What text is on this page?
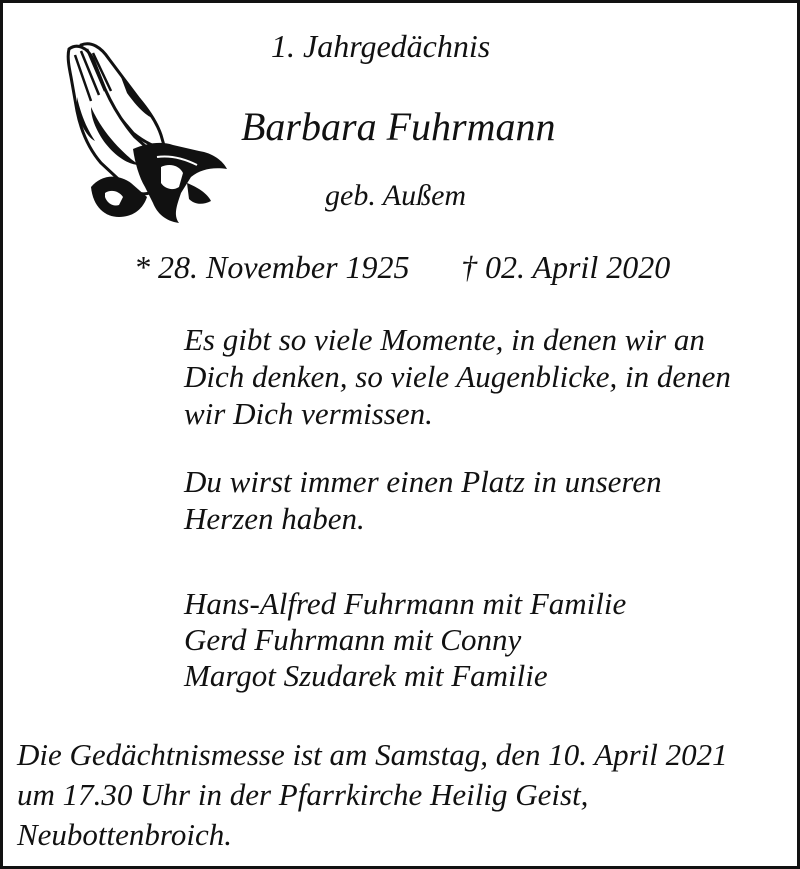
1. Jahrgedächnis
Barbara Fuhrmann
geb. Außem
* 28. November 1925 † 02. April 2020
Es gibt so viele Momente, in denen wir an
Dich denken, so viele Augenblicke, in denen
wir Dich vermissen.
Du wirst immer einen Platz in unseren
Herzen haben.
Hans-Alfred Fuhrmann mit Familie
Gerd Fuhrmann mit Conny
Margot Szudarek mit Familie
Die Gedächtnismesse ist am Samstag, den 10. April 2021
um 17.30 Uhr in der Pfarrkirche Heilig Geist,
Neubottenbroich.
